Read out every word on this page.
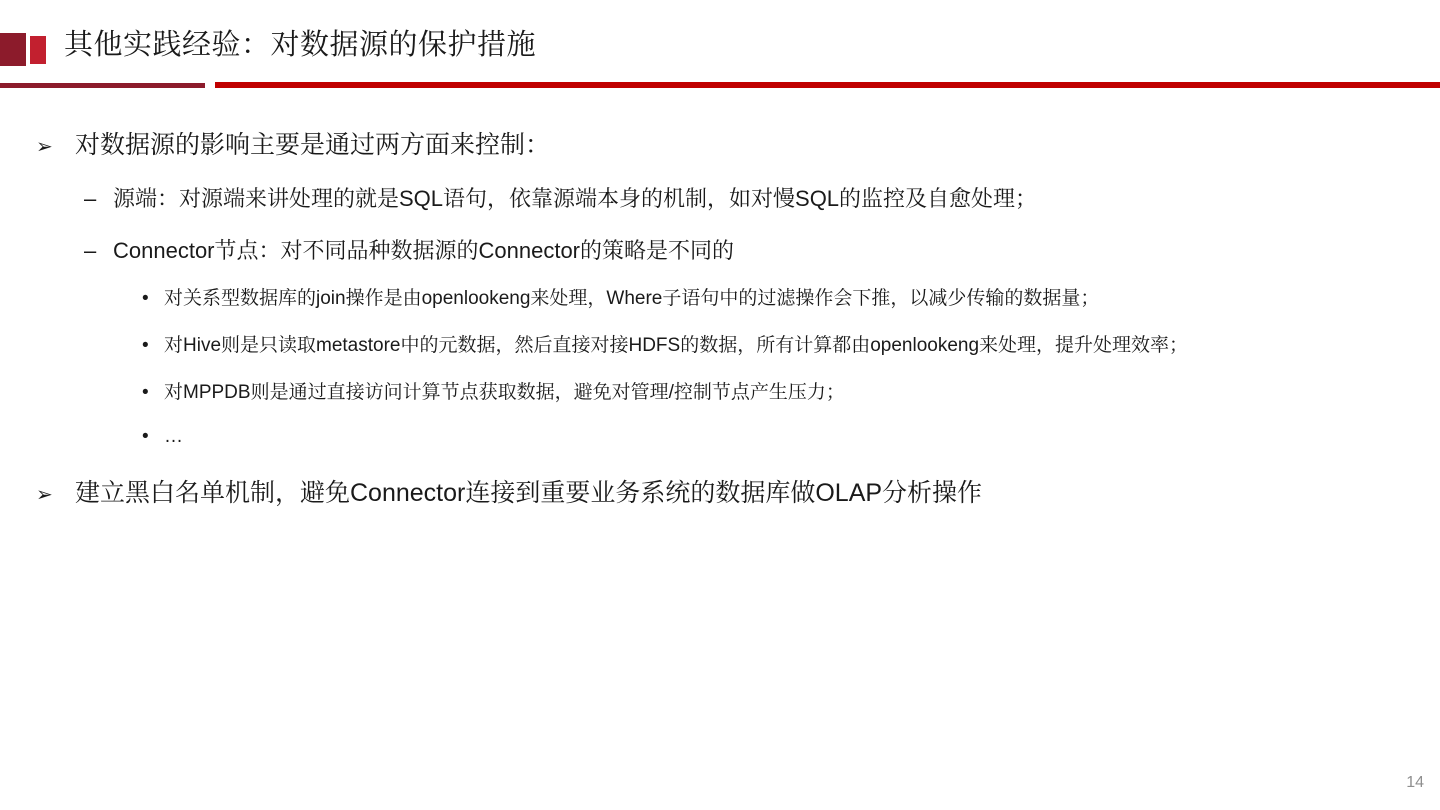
其他实践经验：对数据源的保护措施
➢ 对数据源的影响主要是通过两方面来控制：
– 源端：对源端来讲处理的就是SQL语句，依靠源端本身的机制，如对慢SQL的监控及自愈处理；
– Connector节点：对不同品种数据源的Connector的策略是不同的
• 对关系型数据库的join操作是由openlookeng来处理，Where子语句中的过滤操作会下推，以减少传输的数据量；
• 对Hive则是只读取metastore中的元数据，然后直接对接HDFS的数据，所有计算都由openlookeng来处理，提升处理效率；
• 对MPPDB则是通过直接访问计算节点获取数据，避免对管理/控制节点产生压力；
• …
➢ 建立黑白名单机制，避免Connector连接到重要业务系统的数据库做OLAP分析操作
14
